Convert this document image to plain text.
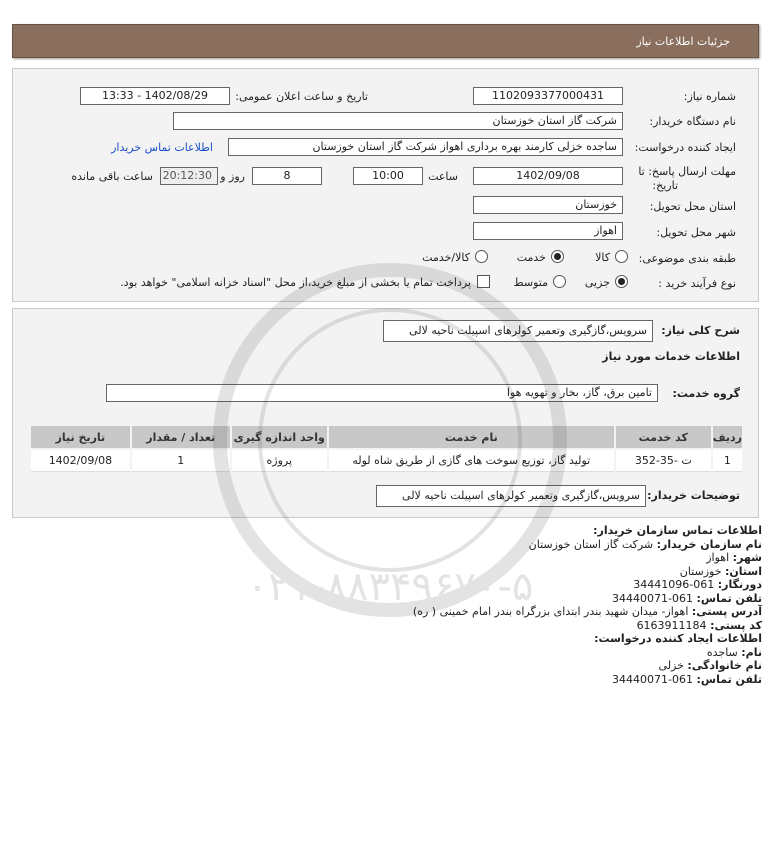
جزئیات اطلاعات نیاز
شماره نیاز:
1102093377000431
تاریخ و ساعت اعلان عمومی:
1402/08/29 - 13:33
نام دستگاه خریدار:
شرکت گاز استان خوزستان
ایجاد کننده درخواست:
ساجده خزلی کارمند بهره برداری اهواز شرکت گاز استان خوزستان
اطلاعات تماس خریدار
مهلت ارسال پاسخ: تا
تاریخ:
1402/09/08
ساعت
10:00
8
روز و
20:12:30
ساعت باقی مانده
استان محل تحویل:
خوزستان
شهر محل تحویل:
اهواز
طبقه بندی موضوعی:
کالا
خدمت
کالا/خدمت
نوع فرآیند خرید :
جزیی
متوسط
پرداخت تمام یا بخشی از مبلغ خرید،از محل "اسناد خزانه اسلامی" خواهد بود.
شرح کلی نیاز:
سرویس،گازگیری وتعمیر کولرهای اسپیلت ناحیه لالی
اطلاعات خدمات مورد نیاز
گروه خدمت:
تامین برق، گاز، بخار و تهویه هوا
ردیف	کد خدمت	نام خدمت	واحد اندازه گیری	تعداد / مقدار	تاریخ نیاز
1	ت -35-352	تولید گاز، توزیع سوخت های گازی از طریق شاه لوله	پروژه	1	1402/09/08
توضیحات خریدار:
سرویس،گازگیری وتعمیر کولرهای اسپیلت ناحیه لالی
۰۲۱-۸۸۳۴۹۶۷۰-۵
اطلاعات تماس سازمان خریدار:
نام سازمان خریدار: شرکت گاز استان خوزستان
شهر: اهواز
استان: خوزستان
دورنگار: 061-34441096
تلفن تماس: 061-34440071
آدرس پستی: اهواز- میدان شهید بندر ابتدای بزرگراه بندر امام خمینی ( ره)
کد پستی: 6163911184
اطلاعات ایجاد کننده درخواست:
نام: ساجده
نام خانوادگی: خزلی
تلفن تماس: 061-34440071
